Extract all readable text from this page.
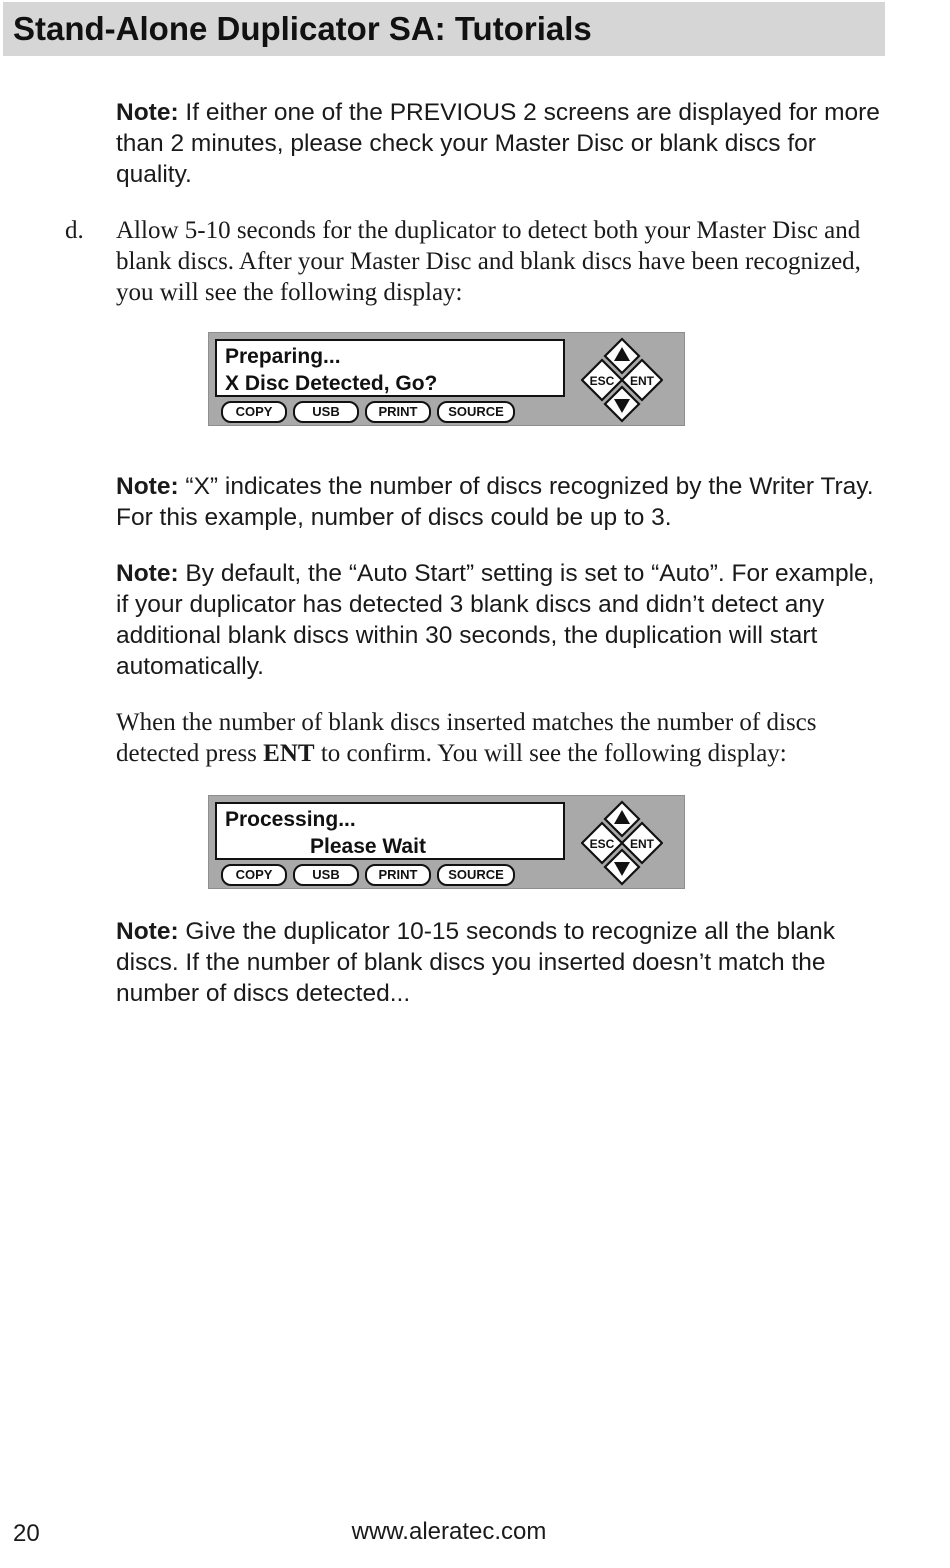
Stand-Alone Duplicator SA: Tutorials

Note: If either one of the PREVIOUS 2 screens are displayed for more than 2 minutes, please check your Master Disc or blank discs for quality.

d. Allow 5-10 seconds for the duplicator to detect both your Master Disc and blank discs. After your Master Disc and blank discs have been recognized, you will see the following display:

Preparing...
X Disc Detected, Go?
COPY	USB	PRINT	SOURCE
ESC ENT

Note: “X” indicates the number of discs recognized by the Writer Tray. For this example, number of discs could be up to 3.

Note: By default, the “Auto Start” setting is set to “Auto”. For example, if your duplicator has detected 3 blank discs and didn’t detect any additional blank discs within 30 seconds, the duplication will start automatically.

When the number of blank discs inserted matches the number of discs detected press ENT to confirm. You will see the following display:

Processing...
Please Wait
COPY	USB	PRINT	SOURCE
ESC ENT

Note: Give the duplicator 10-15 seconds to recognize all the blank discs. If the number of blank discs you inserted doesn’t match the number of discs detected...

20	www.aleratec.com
